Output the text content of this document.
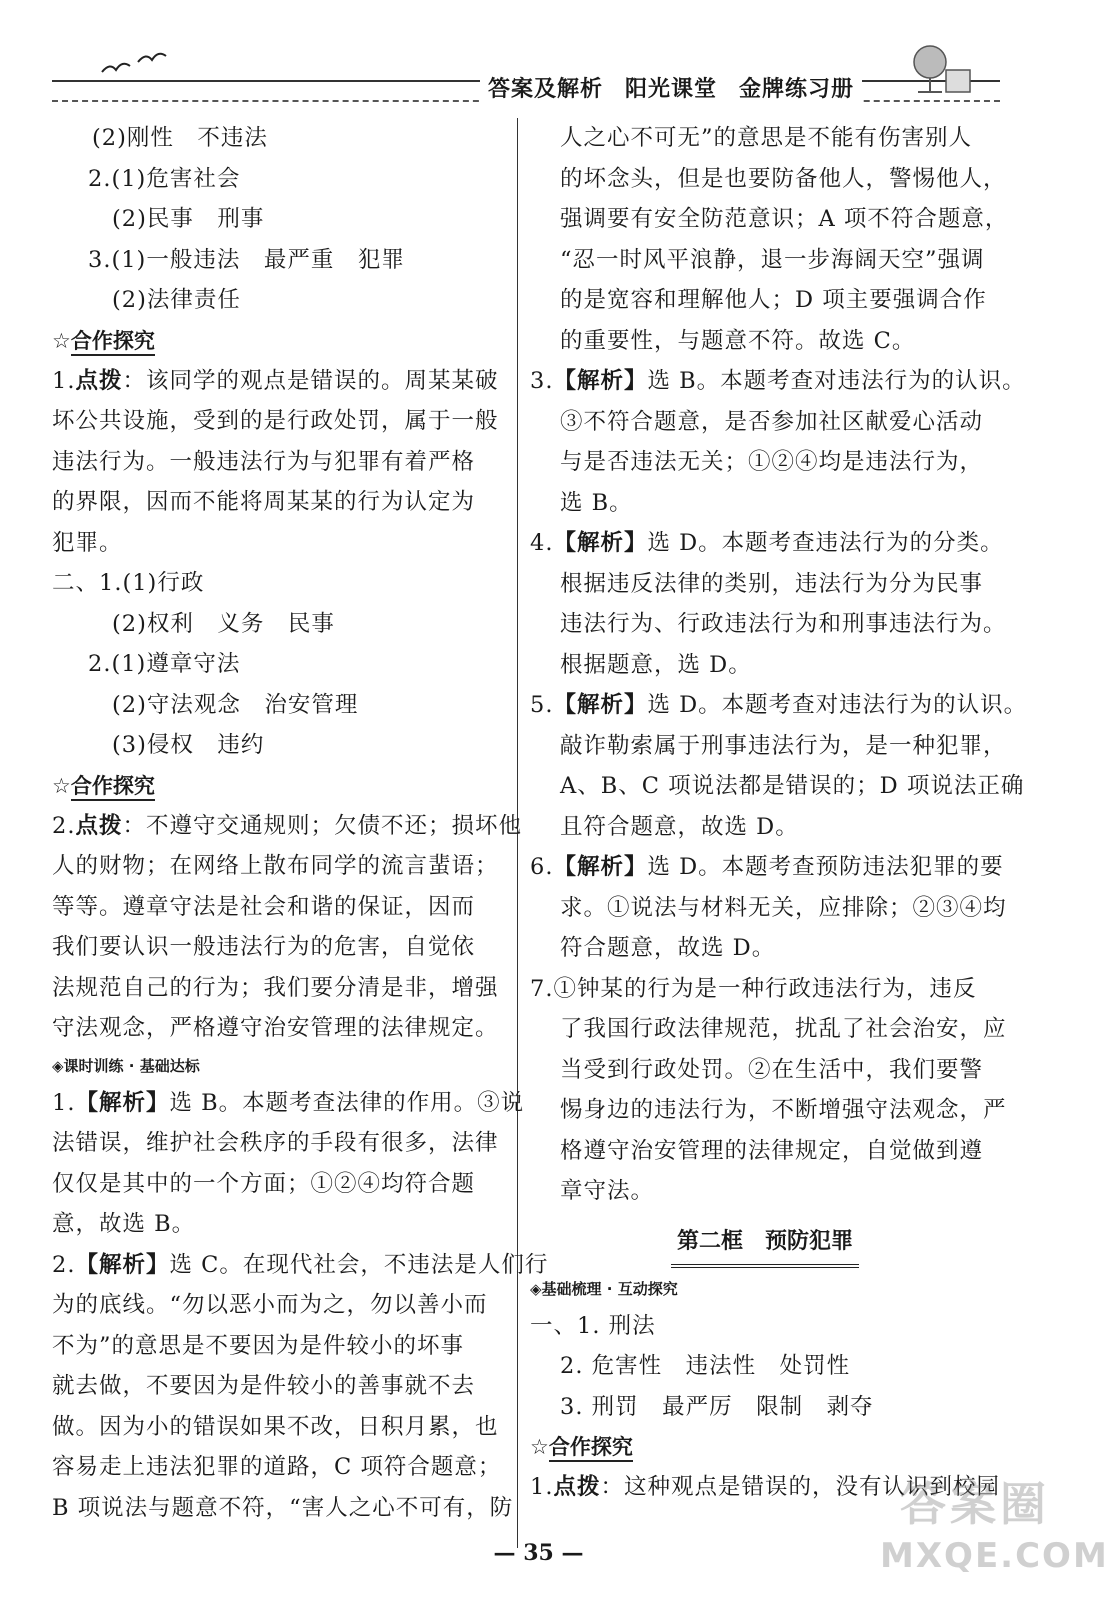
答案及解析 阳光课堂 金牌练习册
(2)刚性　不违法
2.(1)危害社会
(2)民事　刑事
3.(1)一般违法　最严重　犯罪
(2)法律责任
☆合作探究
1.点拨：该同学的观点是错误的。周某某破
坏公共设施，受到的是行政处罚，属于一般
违法行为。一般违法行为与犯罪有着严格
的界限，因而不能将周某某的行为认定为
犯罪。
二、1.(1)行政
(2)权利　义务　民事
2.(1)遵章守法
(2)守法观念　治安管理
(3)侵权　违约
☆合作探究
2.点拨：不遵守交通规则；欠债不还；损坏他
人的财物；在网络上散布同学的流言蜚语；
等等。遵章守法是社会和谐的保证，因而
我们要认识一般违法行为的危害，自觉依
法规范自己的行为；我们要分清是非，增强
守法观念，严格遵守治安管理的法律规定。
◈课时训练 · 基础达标
1.【解析】选 B。本题考查法律的作用。③说
法错误，维护社会秩序的手段有很多，法律
仅仅是其中的一个方面；①②④均符合题
意，故选 B。
2.【解析】选 C。在现代社会，不违法是人们行
为的底线。“勿以恶小而为之，勿以善小而
不为”的意思是不要因为是件较小的坏事
就去做，不要因为是件较小的善事就不去
做。因为小的错误如果不改，日积月累，也
容易走上违法犯罪的道路，C 项符合题意；
B 项说法与题意不符，“害人之心不可有，防
人之心不可无”的意思是不能有伤害别人
的坏念头，但是也要防备他人，警惕他人，
强调要有安全防范意识；A 项不符合题意，
“忍一时风平浪静，退一步海阔天空”强调
的是宽容和理解他人；D 项主要强调合作
的重要性，与题意不符。故选 C。
3.【解析】选 B。本题考查对违法行为的认识。
③不符合题意，是否参加社区献爱心活动
与是否违法无关；①②④均是违法行为，
选 B。
4.【解析】选 D。本题考查违法行为的分类。
根据违反法律的类别，违法行为分为民事
违法行为、行政违法行为和刑事违法行为。
根据题意，选 D。
5.【解析】选 D。本题考查对违法行为的认识。
敲诈勒索属于刑事违法行为，是一种犯罪，
A、B、C 项说法都是错误的；D 项说法正确
且符合题意，故选 D。
6.【解析】选 D。本题考查预防违法犯罪的要
求。①说法与材料无关，应排除；②③④均
符合题意，故选 D。
7.①钟某的行为是一种行政违法行为，违反
了我国行政法律规范，扰乱了社会治安，应
当受到行政处罚。②在生活中，我们要警
惕身边的违法行为，不断增强守法观念，严
格遵守治安管理的法律规定，自觉做到遵
章守法。
第二框　预防犯罪
◈基础梳理 · 互动探究
一、1. 刑法
2. 危害性　违法性　处罚性
3. 刑罚　最严厉　限制　剥夺
☆合作探究
1.点拨：这种观点是错误的，没有认识到校园
— 35 —
答案圈
MXQE.COM
